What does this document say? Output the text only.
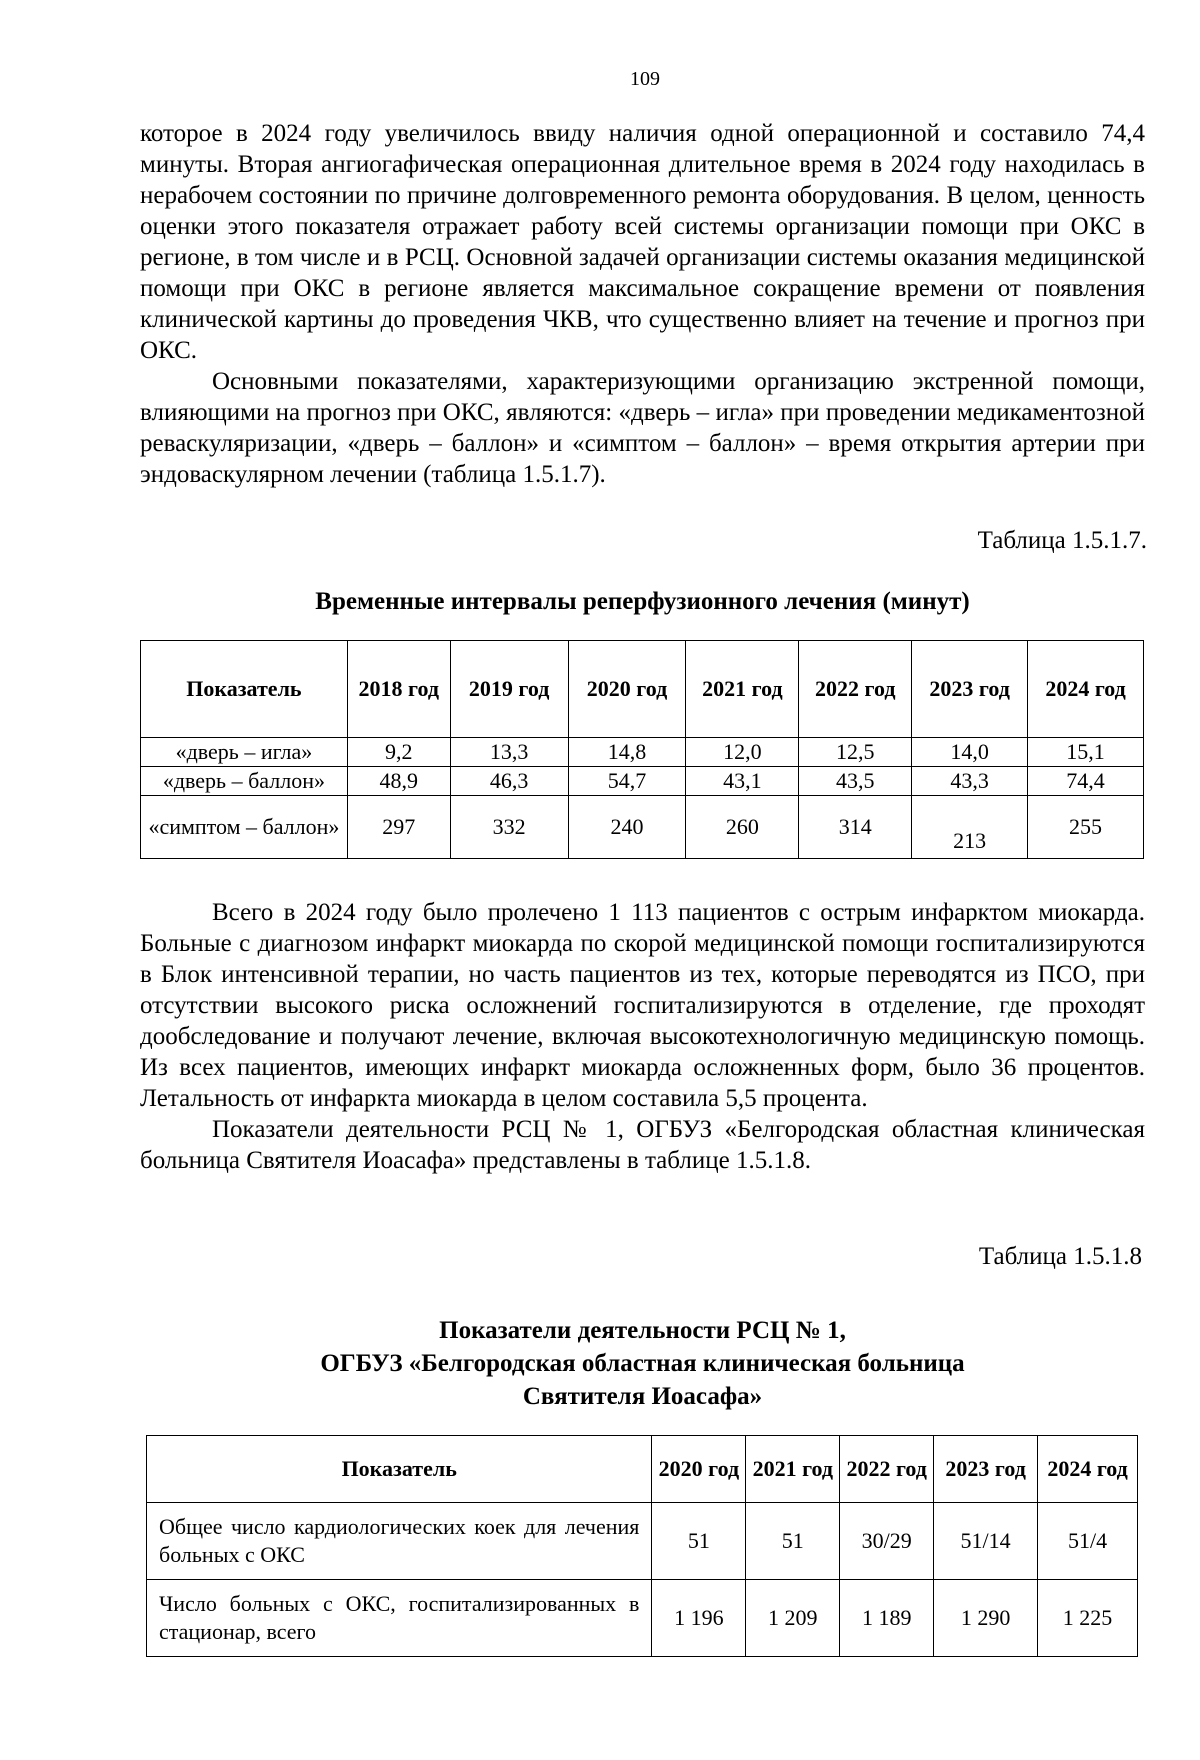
109

которое в 2024 году увеличилось ввиду наличия одной операционной и составило 74,4 минуты. Вторая ангиогафическая операционная длительное время в 2024 году находилась в нерабочем состоянии по причине долговременного ремонта оборудования. В целом, ценность оценки этого показателя отражает работу всей системы организации помощи при ОКС в регионе, в том числе и в РСЦ. Основной задачей организации системы оказания медицинской помощи при ОКС в регионе является максимальное сокращение времени от появления клинической картины до проведения ЧКВ, что существенно влияет на течение и прогноз при ОКС.

Основными показателями, характеризующими организацию экстренной помощи, влияющими на прогноз при ОКС, являются: «дверь – игла» при проведении медикаментозной реваскуляризации, «дверь – баллон» и «симптом – баллон» – время открытия артерии при эндоваскулярном лечении (таблица 1.5.1.7).

Таблица 1.5.1.7.
Временные интервалы реперфузионного лечения (минут)
Показатель	2018 год	2019 год	2020 год	2021 год	2022 год	2023 год	2024 год
«дверь – игла»	9,2	13,3	14,8	12,0	12,5	14,0	15,1
«дверь – баллон»	48,9	46,3	54,7	43,1	43,5	43,3	74,4
«симптом – баллон»	297	332	240	260	314	213	255

Всего в 2024 году было пролечено 1 113 пациентов с острым инфарктом миокарда. Больные с диагнозом инфаркт миокарда по скорой медицинской помощи госпитализируются в Блок интенсивной терапии, но часть пациентов из тех, которые переводятся из ПСО, при отсутствии высокого риска осложнений госпитализируются в отделение, где проходят дообследование и получают лечение, включая высокотехнологичную медицинскую помощь. Из всех пациентов, имеющих инфаркт миокарда осложненных форм, было 36 процентов. Летальность от инфаркта миокарда в целом составила 5,5 процента.

Показатели деятельности РСЦ № 1, ОГБУЗ «Белгородская областная клиническая больница Святителя Иоасафа» представлены в таблице 1.5.1.8.

Таблица 1.5.1.8
Показатели деятельности РСЦ № 1,
ОГБУЗ «Белгородская областная клиническая больница
Святителя Иоасафа»
Показатель	2020 год	2021 год	2022 год	2023 год	2024 год
Общее число кардиологических коек для лечения больных с ОКС	51	51	30/29	51/14	51/4
Число больных с ОКС, госпитализированных в стационар, всего	1 196	1 209	1 189	1 290	1 225
